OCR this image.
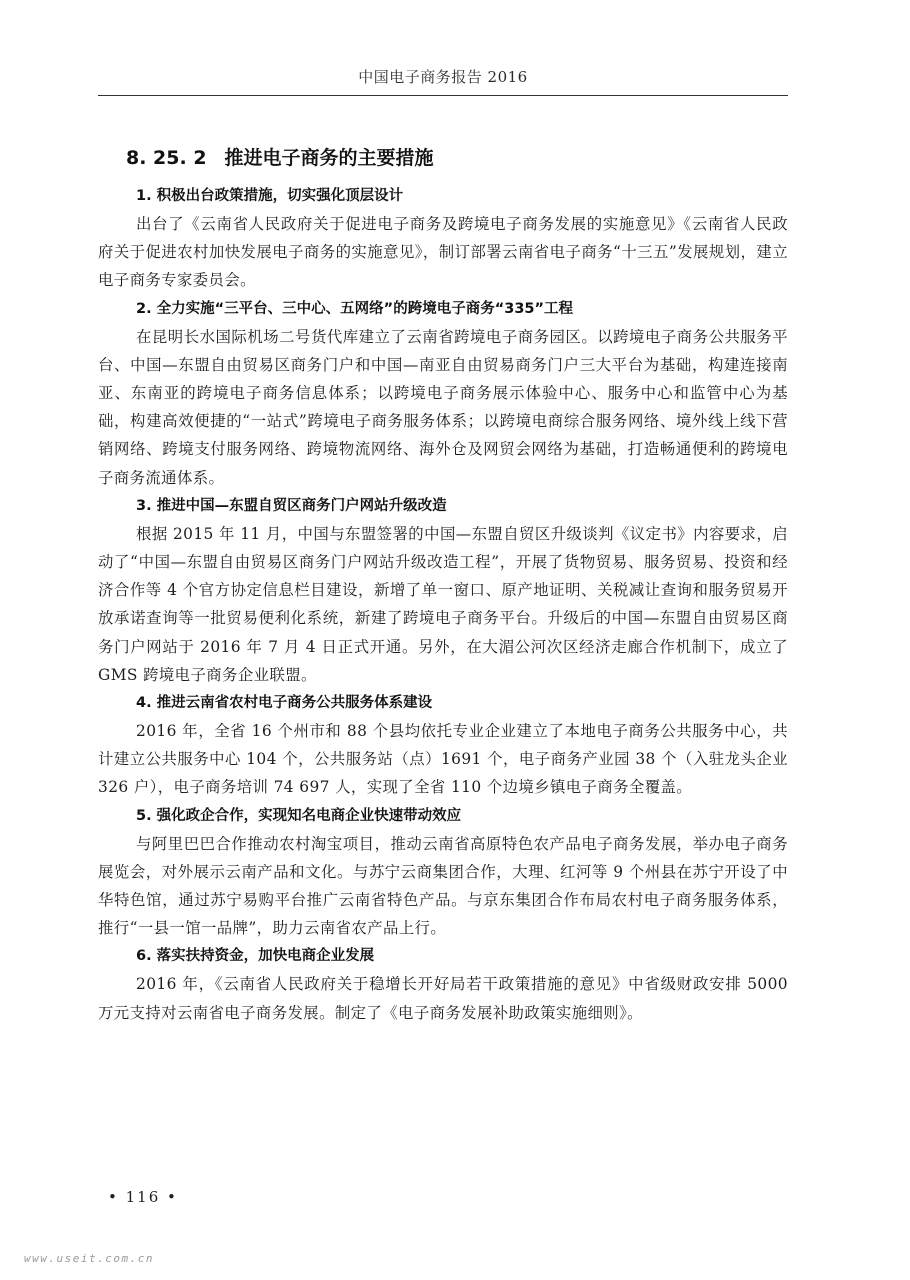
中国电子商务报告 2016
8. 25. 2 推进电子商务的主要措施

1. 积极出台政策措施，切实强化顶层设计

出台了《云南省人民政府关于促进电子商务及跨境电子商务发展的实施意见》《云南省人民政府关于促进农村加快发展电子商务的实施意见》，制订部署云南省电子商务“十三五”发展规划，建立电子商务专家委员会。

2. 全力实施“三平台、三中心、五网络”的跨境电子商务“335”工程

在昆明长水国际机场二号货代库建立了云南省跨境电子商务园区。以跨境电子商务公共服务平台、中国—东盟自由贸易区商务门户和中国—南亚自由贸易商务门户三大平台为基础，构建连接南亚、东南亚的跨境电子商务信息体系；以跨境电子商务展示体验中心、服务中心和监管中心为基础，构建高效便捷的“一站式”跨境电子商务服务体系；以跨境电商综合服务网络、境外线上线下营销网络、跨境支付服务网络、跨境物流网络、海外仓及网贸会网络为基础，打造畅通便利的跨境电子商务流通体系。

3. 推进中国—东盟自贸区商务门户网站升级改造

根据 2015 年 11 月，中国与东盟签署的中国—东盟自贸区升级谈判《议定书》内容要求，启动了“中国—东盟自由贸易区商务门户网站升级改造工程”，开展了货物贸易、服务贸易、投资和经济合作等 4 个官方协定信息栏目建设，新增了单一窗口、原产地证明、关税减让查询和服务贸易开放承诺查询等一批贸易便利化系统，新建了跨境电子商务平台。升级后的中国—东盟自由贸易区商务门户网站于 2016 年 7 月 4 日正式开通。另外，在大湄公河次区经济走廊合作机制下，成立了 GMS 跨境电子商务企业联盟。

4. 推进云南省农村电子商务公共服务体系建设

2016 年，全省 16 个州市和 88 个县均依托专业企业建立了本地电子商务公共服务中心，共计建立公共服务中心 104 个，公共服务站（点）1691 个，电子商务产业园 38 个（入驻龙头企业 326 户），电子商务培训 74 697 人，实现了全省 110 个边境乡镇电子商务全覆盖。

5. 强化政企合作，实现知名电商企业快速带动效应

与阿里巴巴合作推动农村淘宝项目，推动云南省高原特色农产品电子商务发展，举办电子商务展览会，对外展示云南产品和文化。与苏宁云商集团合作，大理、红河等 9 个州县在苏宁开设了中华特色馆，通过苏宁易购平台推广云南省特色产品。与京东集团合作布局农村电子商务服务体系，推行“一县一馆一品牌”，助力云南省农产品上行。

6. 落实扶持资金，加快电商企业发展

2016 年，《云南省人民政府关于稳增长开好局若干政策措施的意见》中省级财政安排 5000 万元支持对云南省电子商务发展。制定了《电子商务发展补助政策实施细则》。

• 116 •
www.useit.com.cn
